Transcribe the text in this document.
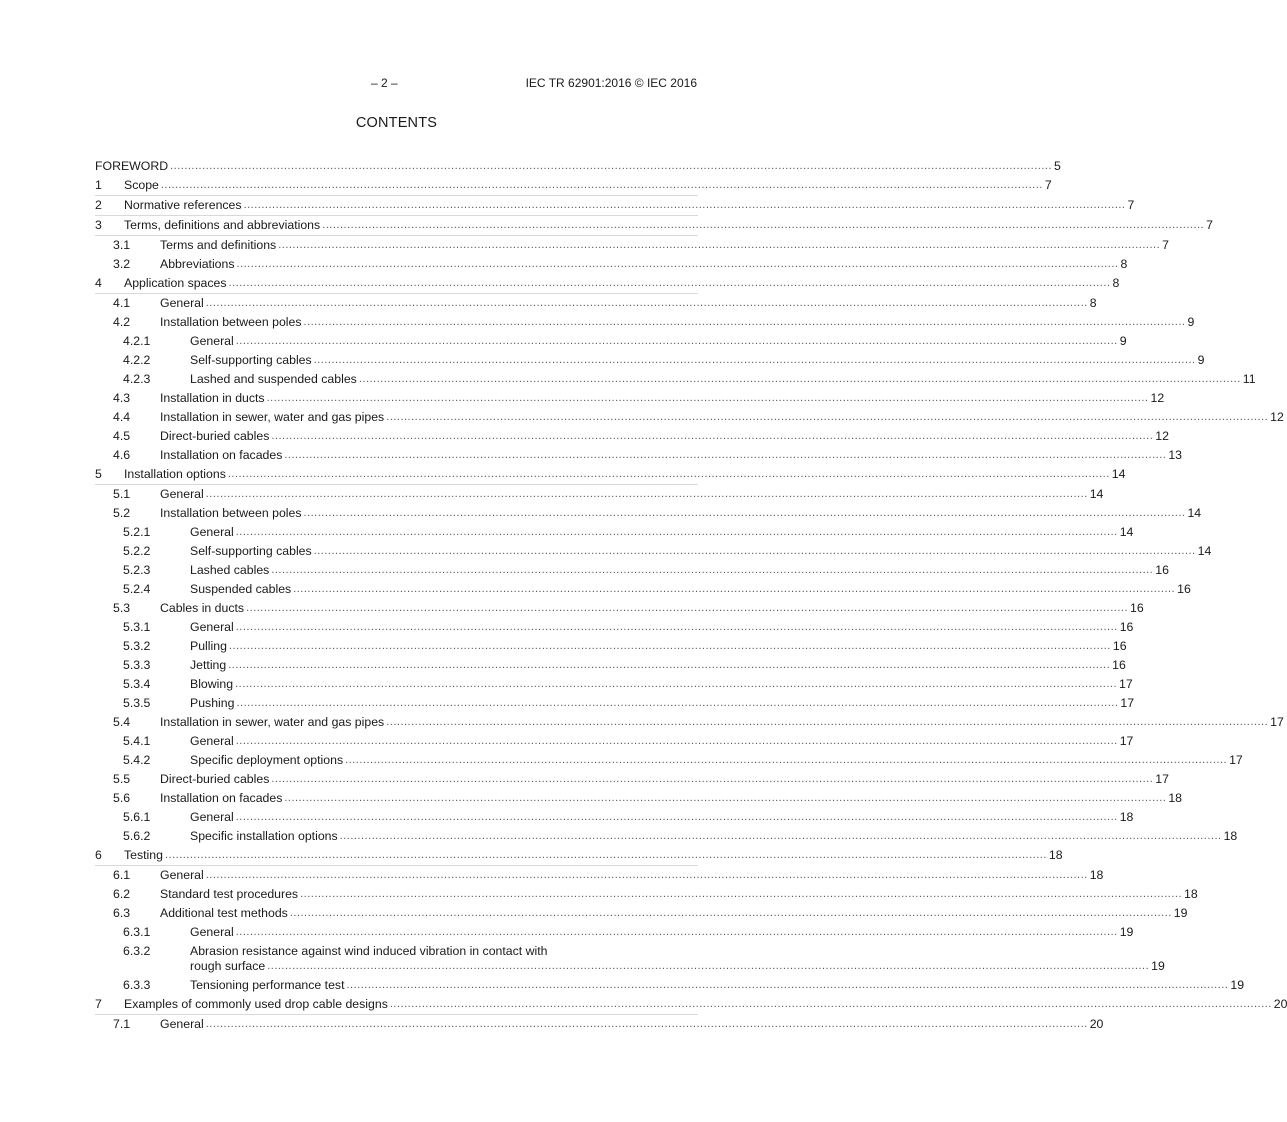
– 2 –	IEC TR 62901:2016 © IEC 2016
CONTENTS
FOREWORD .....	5
1	Scope .....	7
2	Normative references .....	7
3	Terms, definitions and abbreviations .....	7
3.1	Terms and definitions .....	7
3.2	Abbreviations .....	8
4	Application spaces .....	8
4.1	General .....	8
4.2	Installation between poles .....	9
4.2.1	General .....	9
4.2.2	Self-supporting cables .....	9
4.2.3	Lashed and suspended cables .....	11
4.3	Installation in ducts .....	12
4.4	Installation in sewer, water and gas pipes .....	12
4.5	Direct-buried cables .....	12
4.6	Installation on facades .....	13
5	Installation options .....	14
5.1	General .....	14
5.2	Installation between poles .....	14
5.2.1	General .....	14
5.2.2	Self-supporting cables .....	14
5.2.3	Lashed cables .....	16
5.2.4	Suspended cables .....	16
5.3	Cables in ducts .....	16
5.3.1	General .....	16
5.3.2	Pulling .....	16
5.3.3	Jetting .....	16
5.3.4	Blowing .....	17
5.3.5	Pushing .....	17
5.4	Installation in sewer, water and gas pipes .....	17
5.4.1	General .....	17
5.4.2	Specific deployment options .....	17
5.5	Direct-buried cables .....	17
5.6	Installation on facades .....	18
5.6.1	General .....	18
5.6.2	Specific installation options .....	18
6	Testing .....	18
6.1	General .....	18
6.2	Standard test procedures .....	18
6.3	Additional test methods .....	19
6.3.1	General .....	19
6.3.2	Abrasion resistance against wind induced vibration in contact with
rough surface .....	19
6.3.3	Tensioning performance test .....	19
7	Examples of commonly used drop cable designs .....	20
7.1	General .....	20
